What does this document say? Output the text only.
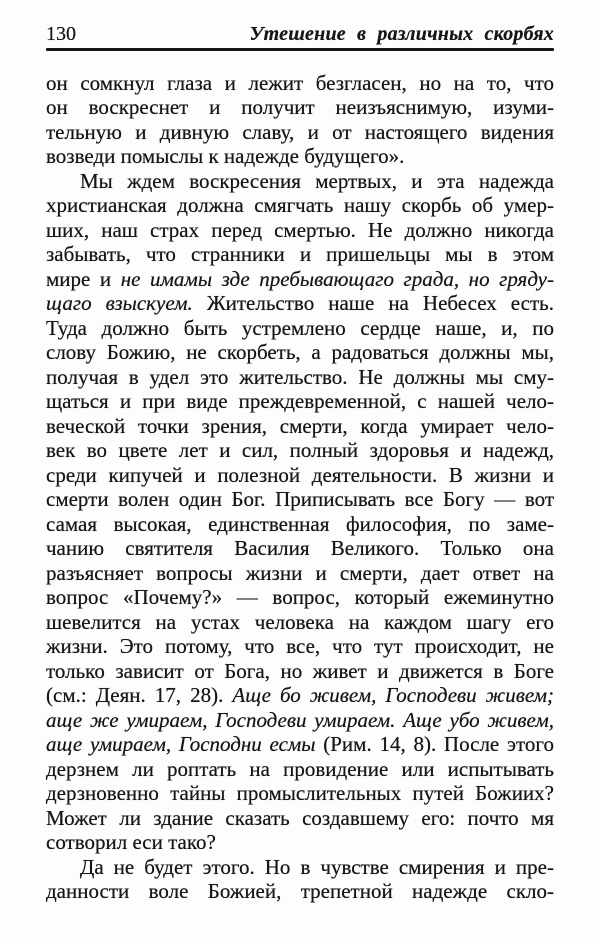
130	Утешение в различных скорбях
он сомкнул глаза и лежит безгласен, но на то, что
он воскреснет и получит неизъяснимую, изуми-
тельную и дивную славу, и от настоящего видения
возведи помыслы к надежде будущего».
Мы ждем воскресения мертвых, и эта надежда
христианская должна смягчать нашу скорбь об умер-
ших, наш страх перед смертью. Не должно никогда
забывать, что странники и пришельцы мы в этом
мире и не имамы зде пребывающаго града, но гряду-
щаго взыскуем. Жительство наше на Небесех есть.
Туда должно быть устремлено сердце наше, и, по
слову Божию, не скорбеть, а радоваться должны мы,
получая в удел это жительство. Не должны мы сму-
щаться и при виде преждевременной, с нашей чело-
веческой точки зрения, смерти, когда умирает чело-
век во цвете лет и сил, полный здоровья и надежд,
среди кипучей и полезной деятельности. В жизни и
смерти волен один Бог. Приписывать все Богу — вот
самая высокая, единственная философия, по заме-
чанию святителя Василия Великого. Только она
разъясняет вопросы жизни и смерти, дает ответ на
вопрос «Почему?» — вопрос, который ежеминутно
шевелится на устах человека на каждом шагу его
жизни. Это потому, что все, что тут происходит, не
только зависит от Бога, но живет и движется в Боге
(см.: Деян. 17, 28). Аще бо живем, Господеви живем;
аще же умираем, Господеви умираем. Аще убо живем,
аще умираем, Господни есмы (Рим. 14, 8). После этого
дерзнем ли роптать на провидение или испытывать
дерзновенно тайны промыслительных путей Божиих?
Может ли здание сказать создавшему его: почто мя
сотворил еси тако?
Да не будет этого. Но в чувстве смирения и пре-
данности воле Божией, трепетной надежде скло-
